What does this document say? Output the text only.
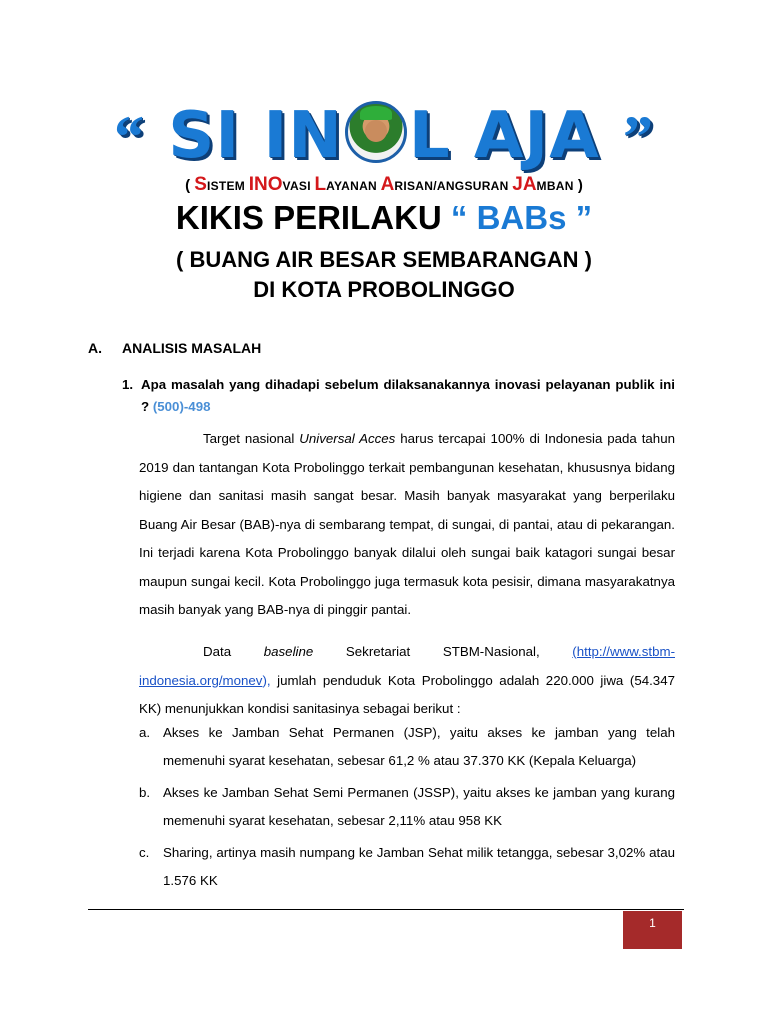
“ SI IN L AJA ”
( SISTEM INOVASI LAYANAN ARISAN/ANGSURAN JAMBAN )
KIKIS PERILAKU “ BABs ”
( BUANG AIR BESAR SEMBARANGAN )
DI KOTA PROBOLINGGO
A. ANALISIS MASALAH
1. Apa masalah yang dihadapi sebelum dilaksanakannya inovasi pelayanan publik ini ? (500)-498
Target nasional Universal Acces harus tercapai 100% di Indonesia pada tahun 2019 dan tantangan Kota Probolinggo terkait pembangunan kesehatan, khususnya bidang higiene dan sanitasi masih sangat besar. Masih banyak masyarakat yang berperilaku Buang Air Besar (BAB)-nya di sembarang tempat, di sungai, di pantai, atau di pekarangan. Ini terjadi karena Kota Probolinggo banyak dilalui oleh sungai baik katagori sungai besar maupun sungai kecil. Kota Probolinggo juga termasuk kota pesisir, dimana masyarakatnya masih banyak yang BAB-nya di pinggir pantai.
Data baseline Sekretariat STBM-Nasional, (http://www.stbm-indonesia.org/monev), jumlah penduduk Kota Probolinggo adalah 220.000 jiwa (54.347 KK) menunjukkan kondisi sanitasinya sebagai berikut :
a. Akses ke Jamban Sehat Permanen (JSP), yaitu akses ke jamban yang telah memenuhi syarat kesehatan, sebesar 61,2 % atau 37.370 KK (Kepala Keluarga)
b. Akses ke Jamban Sehat Semi Permanen (JSSP), yaitu akses ke jamban yang kurang memenuhi syarat kesehatan, sebesar 2,11% atau 958 KK
c. Sharing, artinya masih numpang ke Jamban Sehat milik tetangga, sebesar 3,02% atau 1.576 KK
1
